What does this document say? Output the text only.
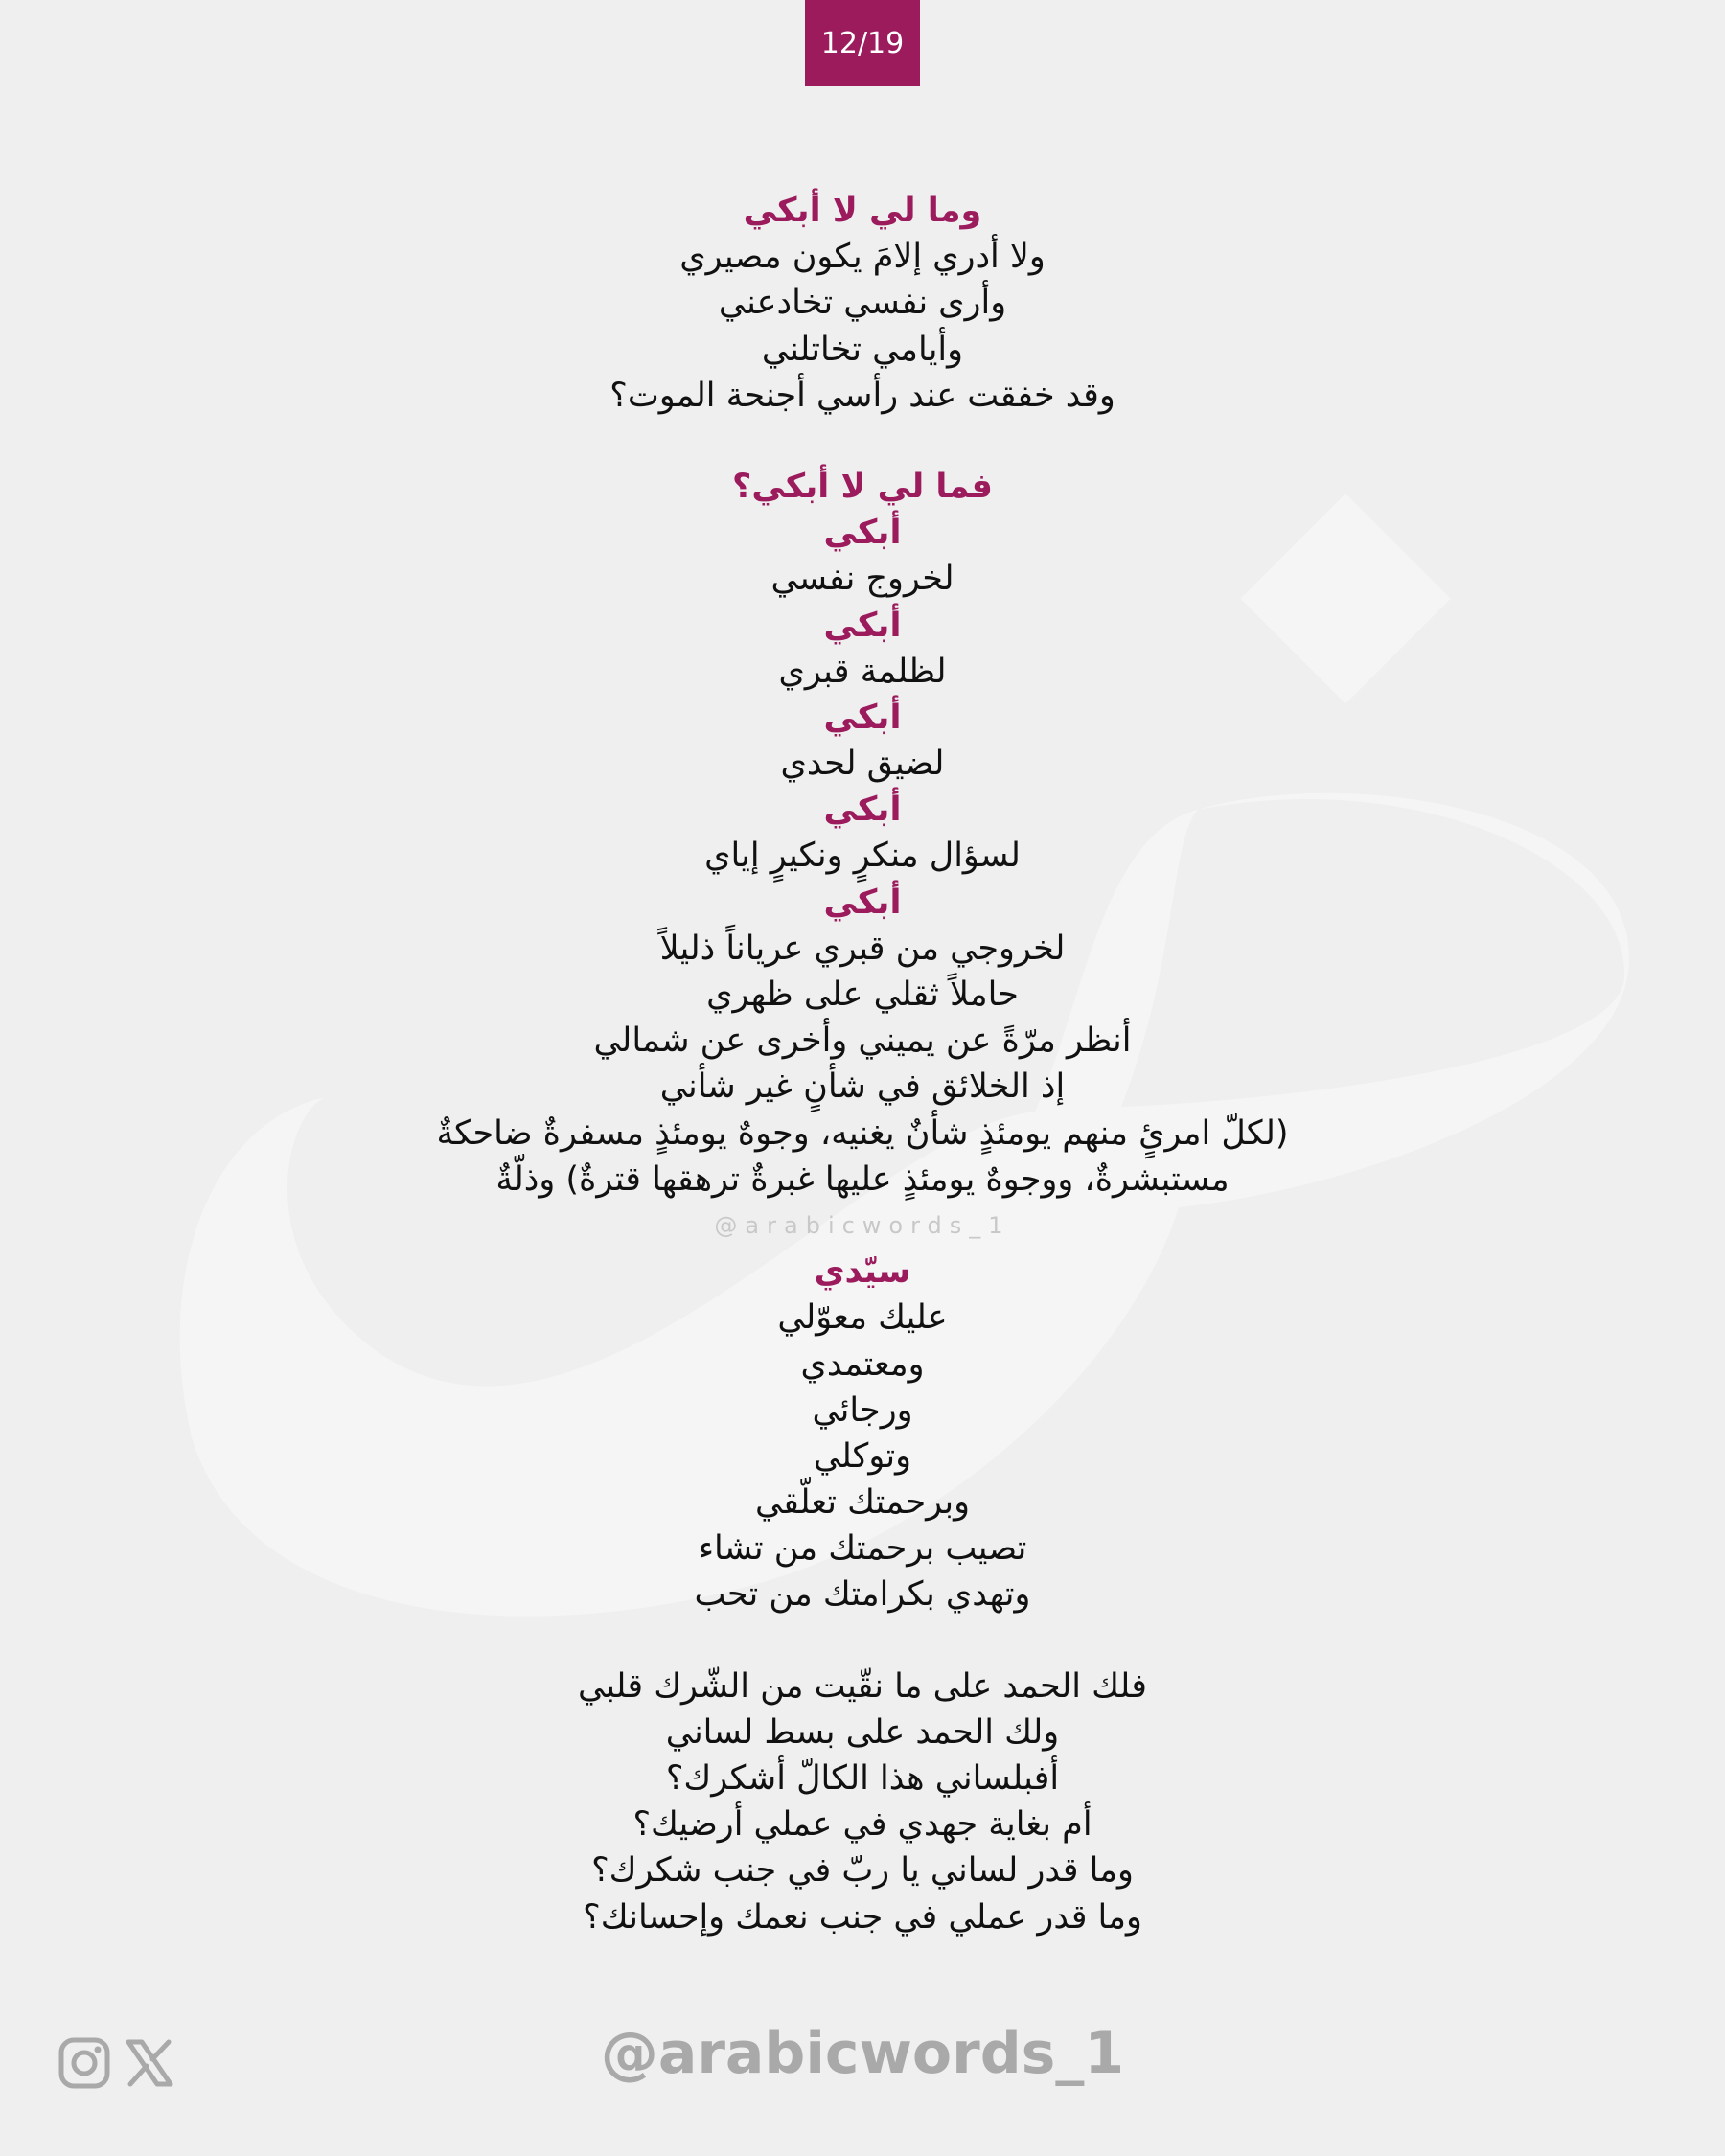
12/19
وما لي لا أبكي
ولا أدري إلامَ يكون مصيري
وأرى نفسي تخادعني
وأيامي تخاتلني
وقد خفقت عند رأسي أجنحة الموت؟
فما لي لا أبكي؟
أبكي
لخروج نفسي
أبكي
لظلمة قبري
أبكي
لضيق لحدي
أبكي
لسؤال منكرٍ ونكيرٍ إياي
أبكي
لخروجي من قبري عرياناً ذليلاً
حاملاً ثقلي على ظهري
أنظر مرّةً عن يميني وأخرى عن شمالي
إذ الخلائق في شأنٍ غير شأني
(لكلّ امرئٍ منهم يومئذٍ شأنٌ يغنيه، وجوهٌ يومئذٍ مسفرةٌ ضاحكةٌ
مستبشرةٌ، ووجوهٌ يومئذٍ عليها غبرةٌ ترهقها قترةٌ) وذلّةٌ
@arabicwords_1
سيّدي
عليك معوّلي
ومعتمدي
ورجائي
وتوكلي
وبرحمتك تعلّقي
تصيب برحمتك من تشاء
وتهدي بكرامتك من تحب
فلك الحمد على ما نقّيت من الشّرك قلبي
ولك الحمد على بسط لساني
أفبلساني هذا الكالّ أشكرك؟
أم بغاية جهدي في عملي أرضيك؟
وما قدر لساني يا ربّ في جنب شكرك؟
وما قدر عملي في جنب نعمك وإحسانك؟
@arabicwords_1
